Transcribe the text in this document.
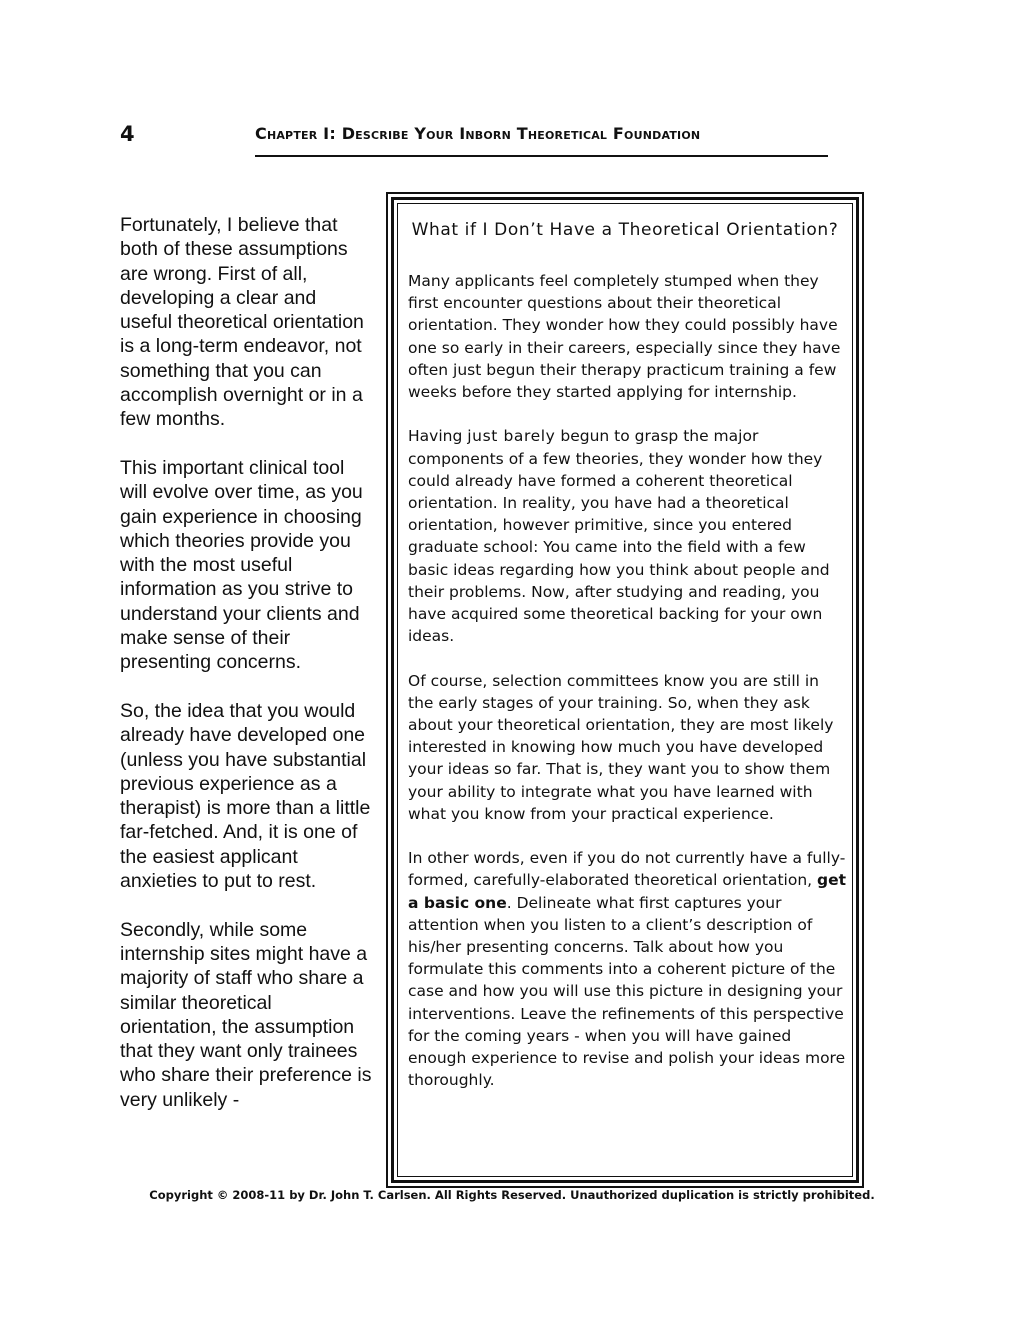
4	Chapter I: Describe Your Inborn Theoretical Foundation

Fortunately, I believe that both of these assumptions are wrong. First of all, developing a clear and useful theoretical orientation is a long-term endeavor, not something that you can accomplish overnight or in a few months.

This important clinical tool will evolve over time, as you gain experience in choosing which theories provide you with the most useful information as you strive to understand your clients and make sense of their presenting concerns.

So, the idea that you would already have developed one (unless you have substantial previous experience as a therapist) is more than a little far-fetched. And, it is one of the easiest applicant anxieties to put to rest.

Secondly, while some internship sites might have a majority of staff who share a similar theoretical orientation, the assumption that they want only trainees who share their preference is very unlikely -

What if I Don’t Have a Theoretical Orientation?

Many applicants feel completely stumped when they first encounter questions about their theoretical orientation. They wonder how they could possibly have one so early in their careers, especially since they have often just begun their therapy practicum training a few weeks before they started applying for internship.

Having just barely begun to grasp the major components of a few theories, they wonder how they could already have formed a coherent theoretical orientation. In reality, you have had a theoretical orientation, however primitive, since you entered graduate school: You came into the field with a few basic ideas regarding how you think about people and their problems. Now, after studying and reading, you have acquired some theoretical backing for your own ideas.

Of course, selection committees know you are still in the early stages of your training. So, when they ask about your theoretical orientation, they are most likely interested in knowing how much you have developed your ideas so far. That is, they want you to show them your ability to integrate what you have learned with what you know from your practical experience.

In other words, even if you do not currently have a fully-formed, carefully-elaborated theoretical orientation, get a basic one. Delineate what first captures your attention when you listen to a client’s description of his/her presenting concerns. Talk about how you formulate this comments into a coherent picture of the case and how you will use this picture in designing your interventions. Leave the refinements of this perspective for the coming years - when you will have gained enough experience to revise and polish your ideas more thoroughly.

Copyright © 2008-11 by Dr. John T. Carlsen. All Rights Reserved. Unauthorized duplication is strictly prohibited.
